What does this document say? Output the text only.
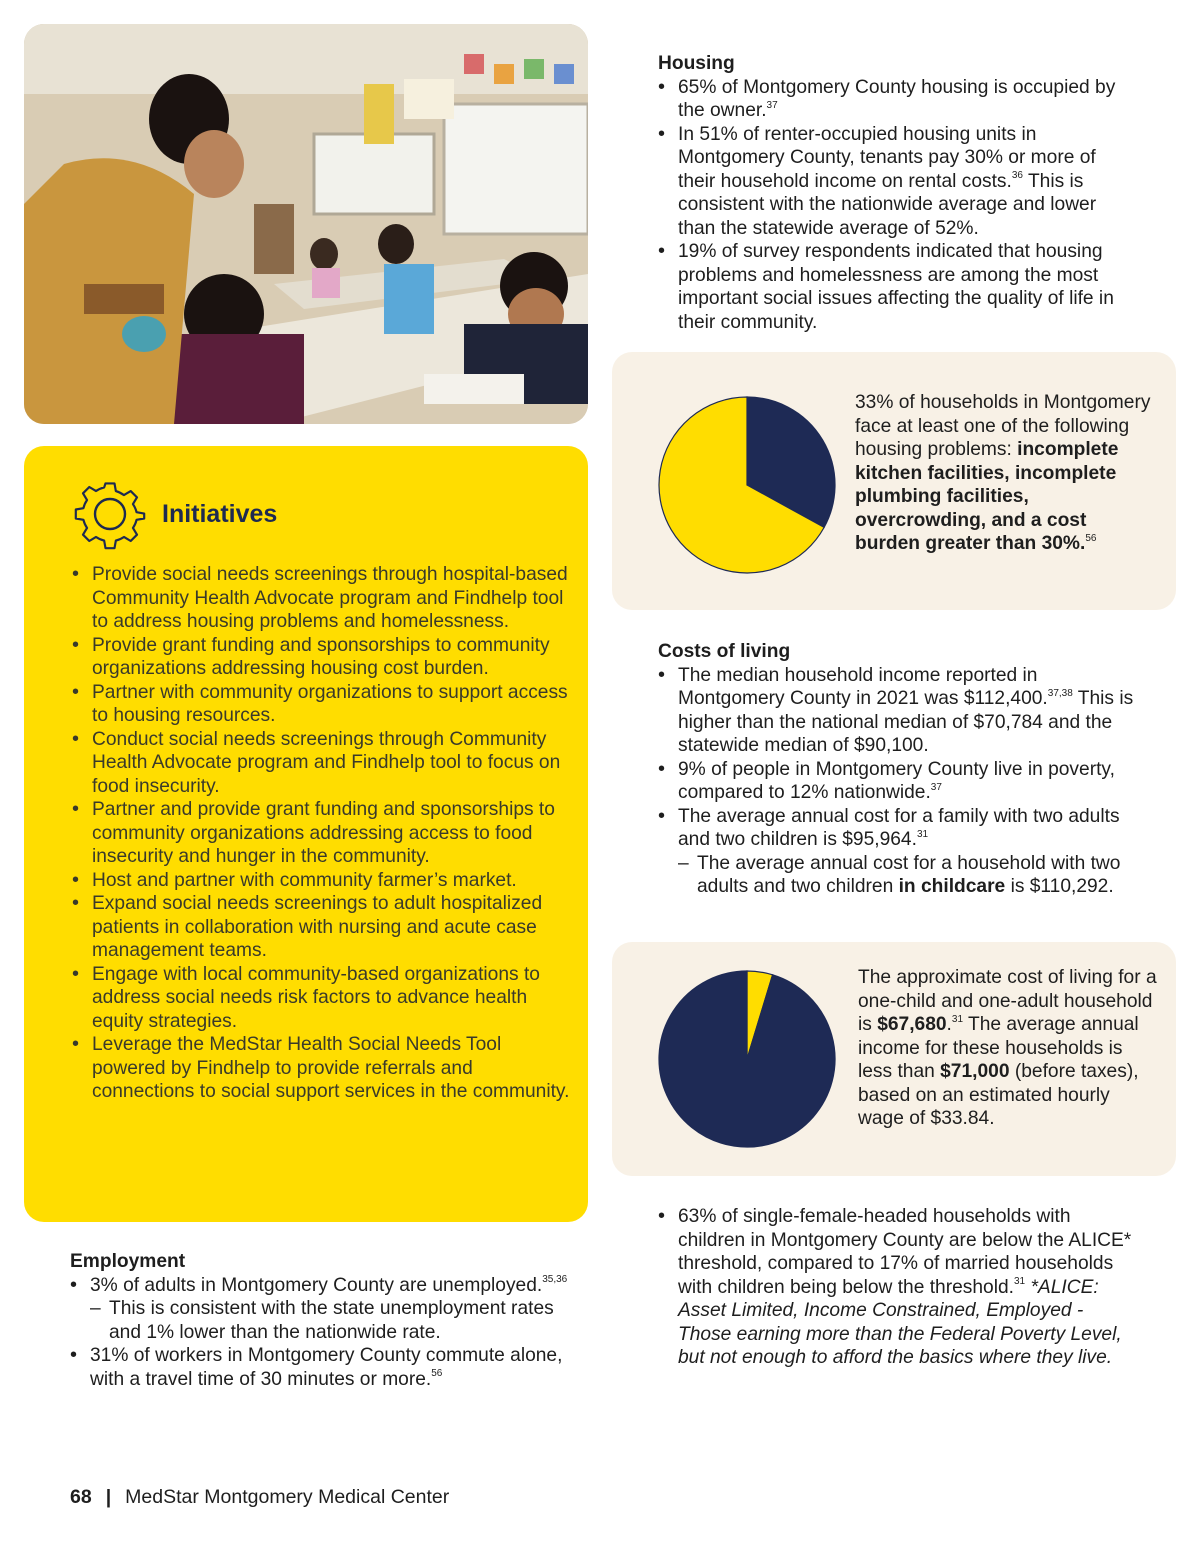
Initiatives
• Provide social needs screenings through hospital-based Community Health Advocate program and Findhelp tool to address housing problems and homelessness.
• Provide grant funding and sponsorships to community organizations addressing housing cost burden.
• Partner with community organizations to support access to housing resources.
• Conduct social needs screenings through Community Health Advocate program and Findhelp tool to focus on food insecurity.
• Partner and provide grant funding and sponsorships to community organizations addressing access to food insecurity and hunger in the community.
• Host and partner with community farmer’s market.
• Expand social needs screenings to adult hospitalized patients in collaboration with nursing and acute case management teams.
• Engage with local community-based organizations to address social needs risk factors to advance health equity strategies.
• Leverage the MedStar Health Social Needs Tool powered by Findhelp to provide referrals and connections to social support services in the community.
Employment
• 3% of adults in Montgomery County are unemployed.$^{35,36}$
– This is consistent with the state unemployment rates and 1% lower than the nationwide rate.
• 31% of workers in Montgomery County commute alone, with a travel time of 30 minutes or more.$^{56}$
Housing
• 65% of Montgomery County housing is occupied by the owner.$^{37}$
• In 51% of renter-occupied housing units in Montgomery County, tenants pay 30% or more of their household income on rental costs.$^{36}$ This is consistent with the nationwide average and lower than the statewide average of 52%.
• 19% of survey respondents indicated that housing problems and homelessness are among the most important social issues affecting the quality of life in their community.
33% of households in Montgomery face at least one of the following housing problems: incomplete kitchen facilities, incomplete plumbing facilities, overcrowding, and a cost burden greater than 30%.$^{56}$
Costs of living
• The median household income reported in Montgomery County in 2021 was $112,400.$^{37,38}$ This is higher than the national median of $70,784 and the statewide median of $90,100.
• 9% of people in Montgomery County live in poverty, compared to 12% nationwide.$^{37}$
• The average annual cost for a family with two adults and two children is $95,964.31
– The average annual cost for a household with two adults and two children in childcare is $110,292.
The approximate cost of living for a one-child and one-adult household is $67,680.31 The average annual income for these households is less than $71,000 (before taxes), based on an estimated hourly wage of $33.84.
• 63% of single-female-headed households with children in Montgomery County are below the ALICE* threshold, compared to 17% of married households with children being below the threshold.$^{31}$ *ALICE: Asset Limited, Income Constrained, Employed - Those earning more than the Federal Poverty Level, but not enough to afford the basics where they live.
68 | MedStar Montgomery Medical Center
